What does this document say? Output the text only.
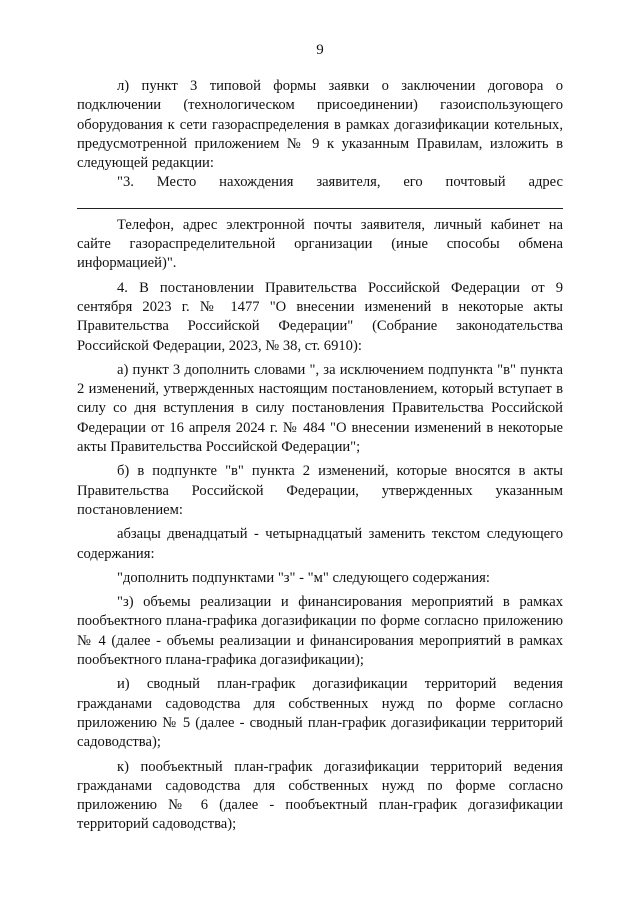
9

л) пункт 3 типовой формы заявки о заключении договора о подключении (технологическом присоединении) газоиспользующего оборудования к сети газораспределения в рамках догазификации котельных, предусмотренной приложением № 9 к указанным Правилам, изложить в следующей редакции:

"3. Место нахождения заявителя, его почтовый адрес

Телефон, адрес электронной почты заявителя, личный кабинет на сайте газораспределительной организации (иные способы обмена информацией)".

4. В постановлении Правительства Российской Федерации от 9 сентября 2023 г. № 1477 "О внесении изменений в некоторые акты Правительства Российской Федерации" (Собрание законодательства Российской Федерации, 2023, № 38, ст. 6910):

а) пункт 3 дополнить словами ", за исключением подпункта "в" пункта 2 изменений, утвержденных настоящим постановлением, который вступает в силу со дня вступления в силу постановления Правительства Российской Федерации от 16 апреля 2024 г. № 484 "О внесении изменений в некоторые акты Правительства Российской Федерации";

б) в подпункте "в" пункта 2 изменений, которые вносятся в акты Правительства Российской Федерации, утвержденных указанным постановлением:

абзацы двенадцатый - четырнадцатый заменить текстом следующего содержания:

"дополнить подпунктами "з" - "м" следующего содержания:

"з) объемы реализации и финансирования мероприятий в рамках пообъектного плана-графика догазификации по форме согласно приложению № 4 (далее - объемы реализации и финансирования мероприятий в рамках пообъектного плана-графика догазификации);

и) сводный план-график догазификации территорий ведения гражданами садоводства для собственных нужд по форме согласно приложению № 5 (далее - сводный план-график догазификации территорий садоводства);

к) пообъектный план-график догазификации территорий ведения гражданами садоводства для собственных нужд по форме согласно приложению № 6 (далее - пообъектный план-график догазификации территорий садоводства);
